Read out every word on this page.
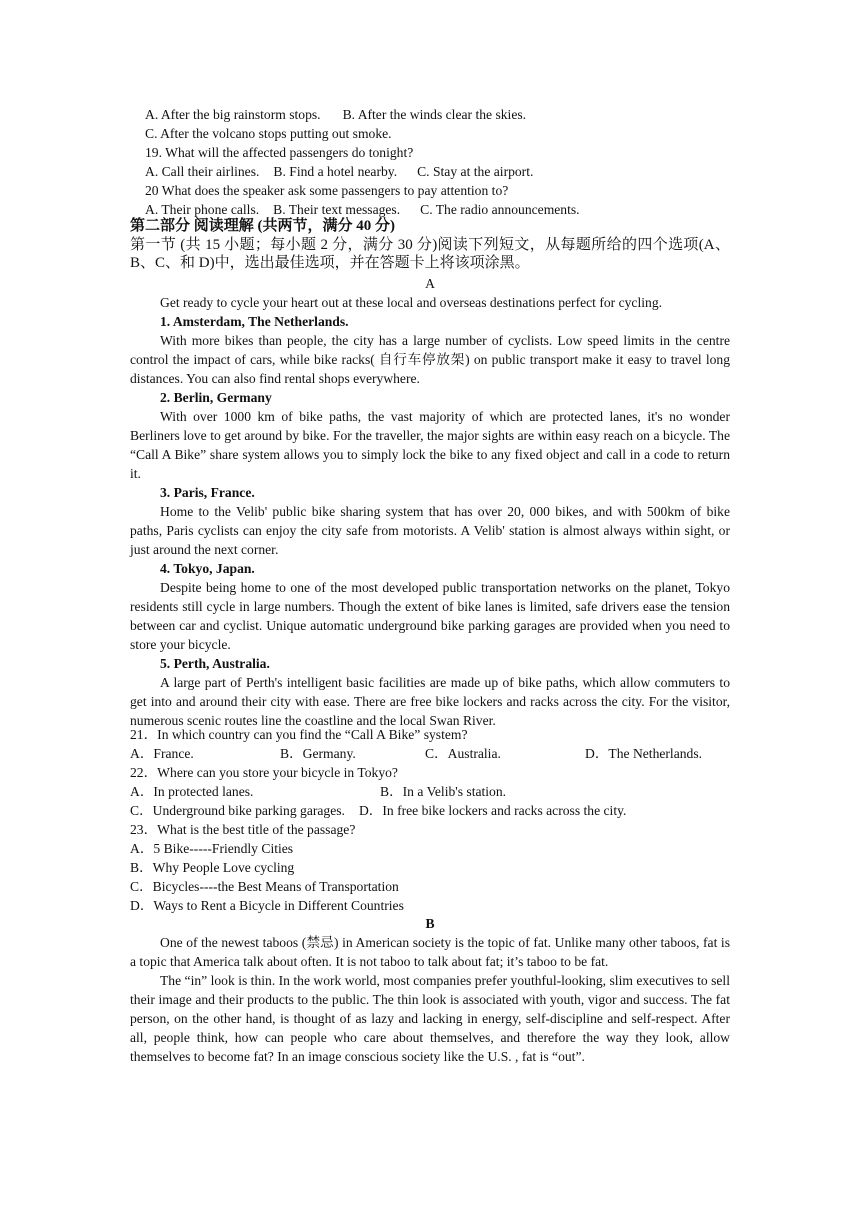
A. After the big rainstorm stops. B. After the winds clear the skies.
C. After the volcano stops putting out smoke.
19. What will the affected passengers do tonight?
A. Call their airlines. B. Find a hotel nearby. C. Stay at the airport.
20 What does the speaker ask some passengers to pay attention to?
A. Their phone calls. B. Their text messages. C. The radio announcements.
第二部分 阅读理解 (共两节，满分 40 分)
第一节 (共 15 小题；每小题 2 分，满分 30 分)阅读下列短文，从每题所给的四个选项(A、B、C、和 D)中，选出最佳选项，并在答题卡上将该项涂黑。
A

Get ready to cycle your heart out at these local and overseas destinations perfect for cycling.

1. Amsterdam, The Netherlands.

With more bikes than people, the city has a large number of cyclists. Low speed limits in the centre control the impact of cars, while bike racks( 自行车停放架) on public transport make it easy to travel long distances. You can also find rental shops everywhere.

2. Berlin, Germany

With over 1000 km of bike paths, the vast majority of which are protected lanes, it's no wonder Berliners love to get around by bike. For the traveller, the major sights are within easy reach on a bicycle. The “Call A Bike” share system allows you to simply lock the bike to any fixed object and call in a code to return it.

3. Paris, France.

Home to the Velib' public bike sharing system that has over 20, 000 bikes, and with 500km of bike paths, Paris cyclists can enjoy the city safe from motorists. A Velib' station is almost always within sight, or just around the next corner.

4. Tokyo, Japan.

Despite being home to one of the most developed public transportation networks on the planet, Tokyo residents still cycle in large numbers. Though the extent of bike lanes is limited, safe drivers ease the tension between car and cyclist. Unique automatic underground bike parking garages are provided when you need to store your bicycle.

5. Perth, Australia.

A large part of Perth's intelligent basic facilities are made up of bike paths, which allow commuters to get into and around their city with ease. There are free bike lockers and racks across the city. For the visitor, numerous scenic routes line the coastline and the local Swan River.

21．In which country can you find the “Call A Bike” system?
A．France.	B．Germany.	C．Australia.	D．The Netherlands.
22．Where can you store your bicycle in Tokyo?
A．In protected lanes.	B．In a Velib's station.
C．Underground bike parking garages. D．In free bike lockers and racks across the city.
23．What is the best title of the passage?
A．5 Bike-----Friendly Cities
B．Why People Love cycling
C．Bicycles----the Best Means of Transportation
D．Ways to Rent a Bicycle in Different Countries
B

One of the newest taboos (禁忌) in American society is the topic of fat. Unlike many other taboos, fat is a topic that America talk about often. It is not taboo to talk about fat; it’s taboo to be fat.

The “in” look is thin. In the work world, most companies prefer youthful-looking, slim executives to sell their image and their products to the public. The thin look is associated with youth, vigor and success. The fat person, on the other hand, is thought of as lazy and lacking in energy, self-discipline and self-respect. After all, people think, how can people who care about themselves, and therefore the way they look, allow themselves to become fat? In an image conscious society like the U.S. , fat is “out”.
